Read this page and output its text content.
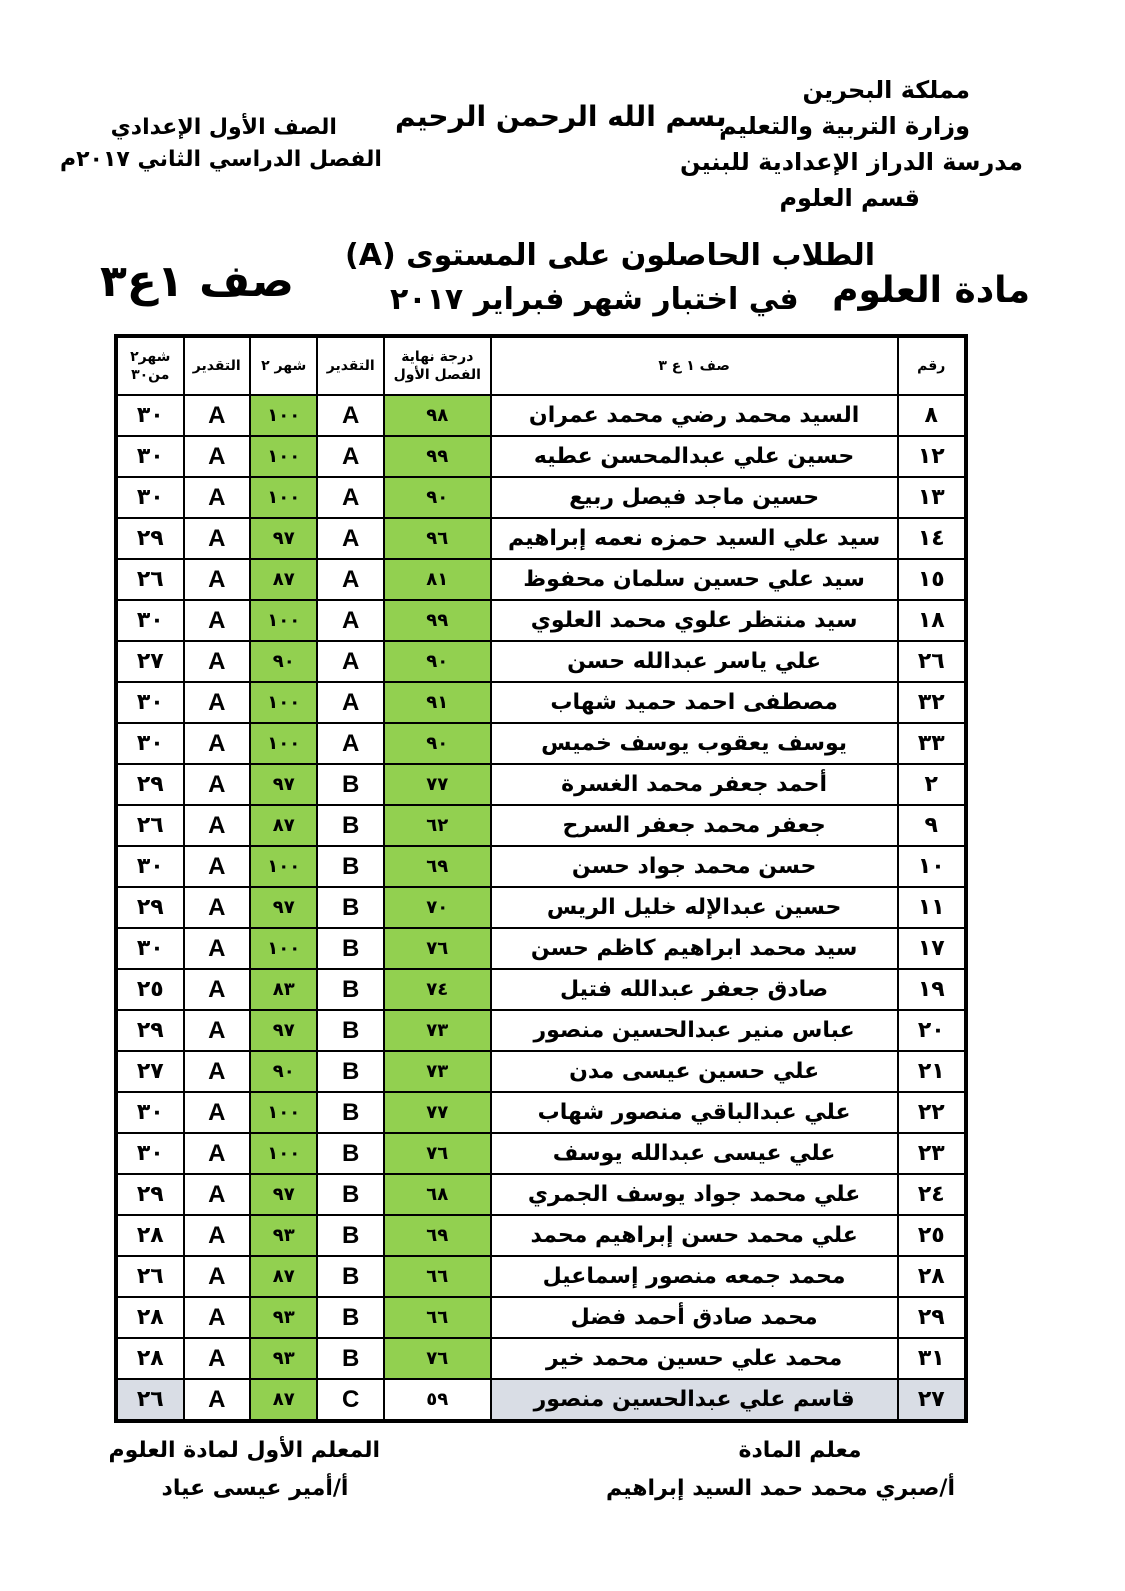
مملكة البحرين
وزارة التربية والتعليم
مدرسة الدراز الإعدادية للبنين
قسم العلوم
بسم الله الرحمن الرحيم
الصف الأول الإعدادي
الفصل الدراسي الثاني ٢٠١٧م
الطلاب الحاصلون على المستوى (A)
في اختبار شهر فبراير ٢٠١٧ مادة العلوم
صف ١ع٣
رقم	صف ١ ع ٣	درجة نهاية الفصل الأول	التقدير	شهر ٢	التقدير	شهر٢ من٣٠
٨	السيد محمد رضي محمد عمران	٩٨	A	١٠٠	A	٣٠
١٢	حسين علي عبدالمحسن عطيه	٩٩	A	١٠٠	A	٣٠
١٣	حسين ماجد فيصل ربيع	٩٠	A	١٠٠	A	٣٠
١٤	سيد علي السيد حمزه نعمه إبراهيم	٩٦	A	٩٧	A	٢٩
١٥	سيد علي حسين سلمان محفوظ	٨١	A	٨٧	A	٢٦
١٨	سيد منتظر علوي محمد العلوي	٩٩	A	١٠٠	A	٣٠
٢٦	علي ياسر عبدالله حسن	٩٠	A	٩٠	A	٢٧
٣٢	مصطفى احمد حميد شهاب	٩١	A	١٠٠	A	٣٠
٣٣	يوسف يعقوب يوسف خميس	٩٠	A	١٠٠	A	٣٠
٢	أحمد جعفر محمد الغسرة	٧٧	B	٩٧	A	٢٩
٩	جعفر محمد جعفر السرح	٦٢	B	٨٧	A	٢٦
١٠	حسن محمد جواد حسن	٦٩	B	١٠٠	A	٣٠
١١	حسين عبدالإله خليل الريس	٧٠	B	٩٧	A	٢٩
١٧	سيد محمد ابراهيم كاظم حسن	٧٦	B	١٠٠	A	٣٠
١٩	صادق جعفر عبدالله فتيل	٧٤	B	٨٣	A	٢٥
٢٠	عباس منير عبدالحسين منصور	٧٣	B	٩٧	A	٢٩
٢١	علي حسين عيسى مدن	٧٣	B	٩٠	A	٢٧
٢٢	علي عبدالباقي منصور شهاب	٧٧	B	١٠٠	A	٣٠
٢٣	علي عيسى عبدالله يوسف	٧٦	B	١٠٠	A	٣٠
٢٤	علي محمد جواد يوسف الجمري	٦٨	B	٩٧	A	٢٩
٢٥	علي محمد حسن إبراهيم محمد	٦٩	B	٩٣	A	٢٨
٢٨	محمد جمعه منصور إسماعيل	٦٦	B	٨٧	A	٢٦
٢٩	محمد صادق أحمد فضل	٦٦	B	٩٣	A	٢٨
٣١	محمد علي حسين محمد خير	٧٦	B	٩٣	A	٢٨
٢٧	قاسم علي عبدالحسين منصور	٥٩	C	٨٧	A	٢٦
معلم المادة
أ/صبري محمد حمد السيد إبراهيم
المعلم الأول لمادة العلوم
أ/أمير عيسى عياد
